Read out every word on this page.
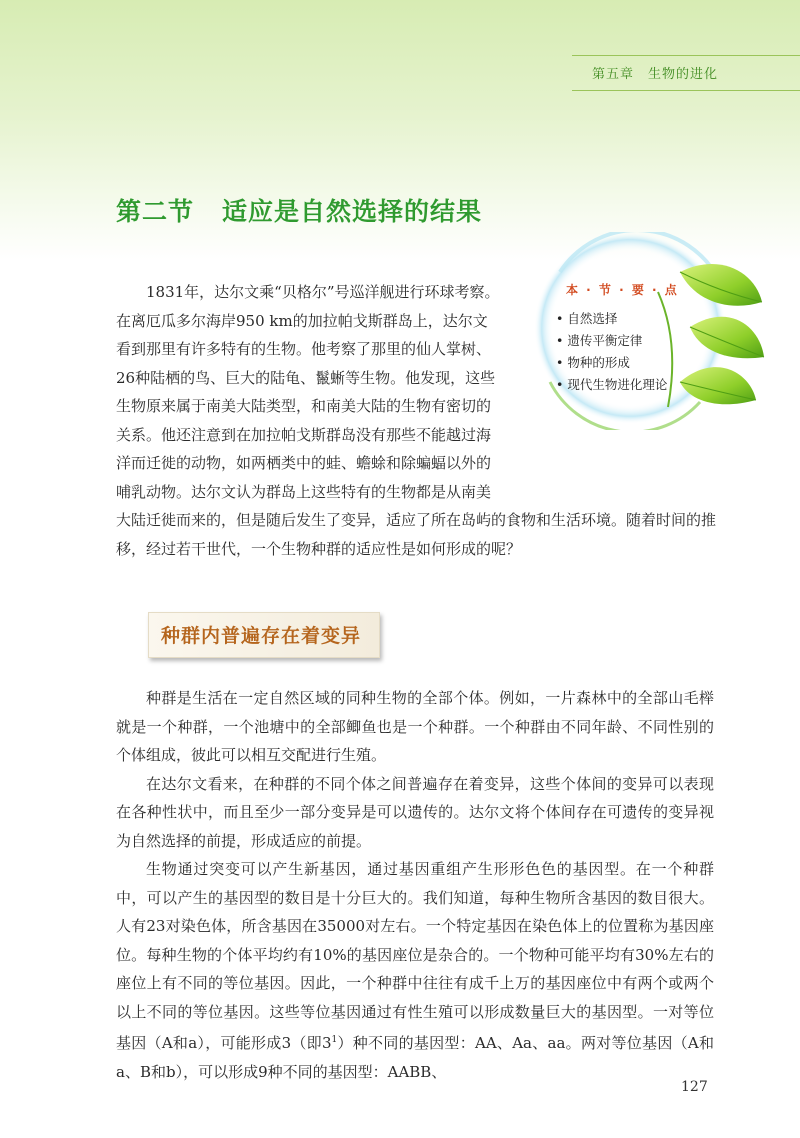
第五章　生物的进化
第二节 适应是自然选择的结果
本 · 节 · 要 · 点
• 自然选择
• 遗传平衡定律
• 物种的形成
• 现代生物进化理论

1831年，达尔文乘“贝格尔”号巡洋舰进行环球考察。在离厄瓜多尔海岸950 km的加拉帕戈斯群岛上，达尔文看到那里有许多特有的生物。他考察了那里的仙人掌树、26种陆栖的鸟、巨大的陆龟、鬣蜥等生物。他发现，这些生物原来属于南美大陆类型，和南美大陆的生物有密切的关系。他还注意到在加拉帕戈斯群岛没有那些不能越过海洋而迁徙的动物，如两栖类中的蛙、蟾蜍和除蝙蝠以外的哺乳动物。达尔文认为群岛上这些特有的生物都是从南美大陆迁徙而来的，但是随后发生了变异，适应了所在岛屿的食物和生活环境。随着时间的推移，经过若干世代，一个生物种群的适应性是如何形成的呢？

种群内普遍存在着变异

种群是生活在一定自然区域的同种生物的全部个体。例如，一片森林中的全部山毛榉就是一个种群，一个池塘中的全部鲫鱼也是一个种群。一个种群由不同年龄、不同性别的个体组成，彼此可以相互交配进行生殖。

在达尔文看来，在种群的不同个体之间普遍存在着变异，这些个体间的变异可以表现在各种性状中，而且至少一部分变异是可以遗传的。达尔文将个体间存在可遗传的变异视为自然选择的前提，形成适应的前提。

生物通过突变可以产生新基因，通过基因重组产生形形色色的基因型。在一个种群中，可以产生的基因型的数目是十分巨大的。我们知道，每种生物所含基因的数目很大。人有23对染色体，所含基因在35000对左右。一个特定基因在染色体上的位置称为基因座位。每种生物的个体平均约有10%的基因座位是杂合的。一个物种可能平均有30%左右的座位上有不同的等位基因。因此，一个种群中往往有成千上万的基因座位中有两个或两个以上不同的等位基因。这些等位基因通过有性生殖可以形成数量巨大的基因型。一对等位基因（A和a），可能形成3（即$3^1$）种不同的基因型：AA、Aa、aa。两对等位基因（A和a、B和b），可以形成9种不同的基因型：AABB、

127
